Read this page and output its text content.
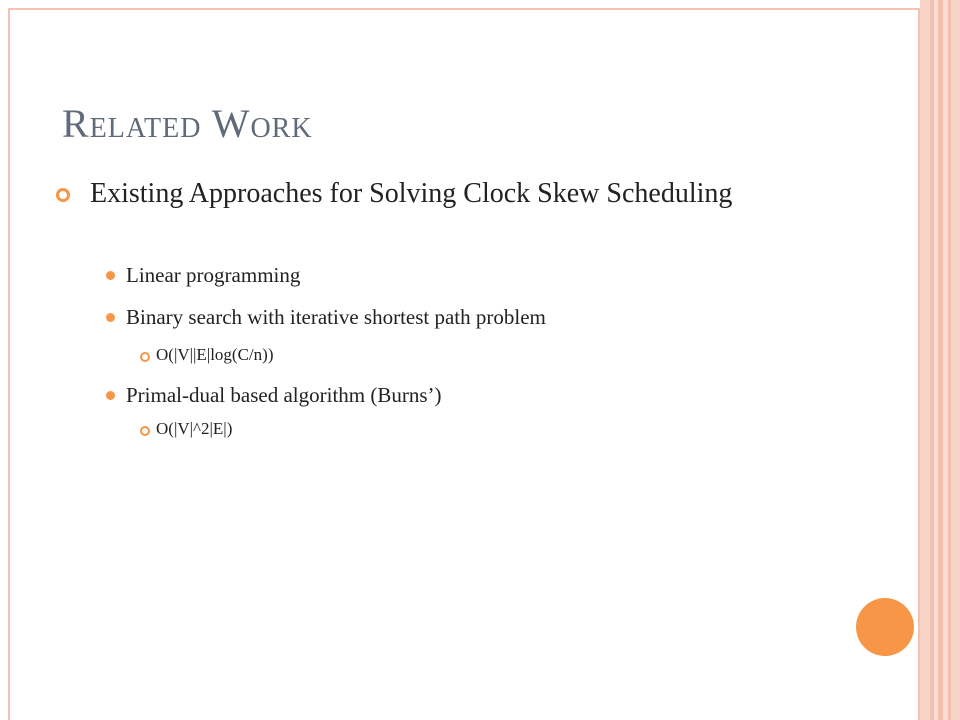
Related Work
Existing Approaches for Solving Clock Skew Scheduling
Linear programming
Binary search with iterative shortest path problem
O(|V||E|log(C/n))
Primal-dual based algorithm (Burns’)
O(|V|^2|E|)
